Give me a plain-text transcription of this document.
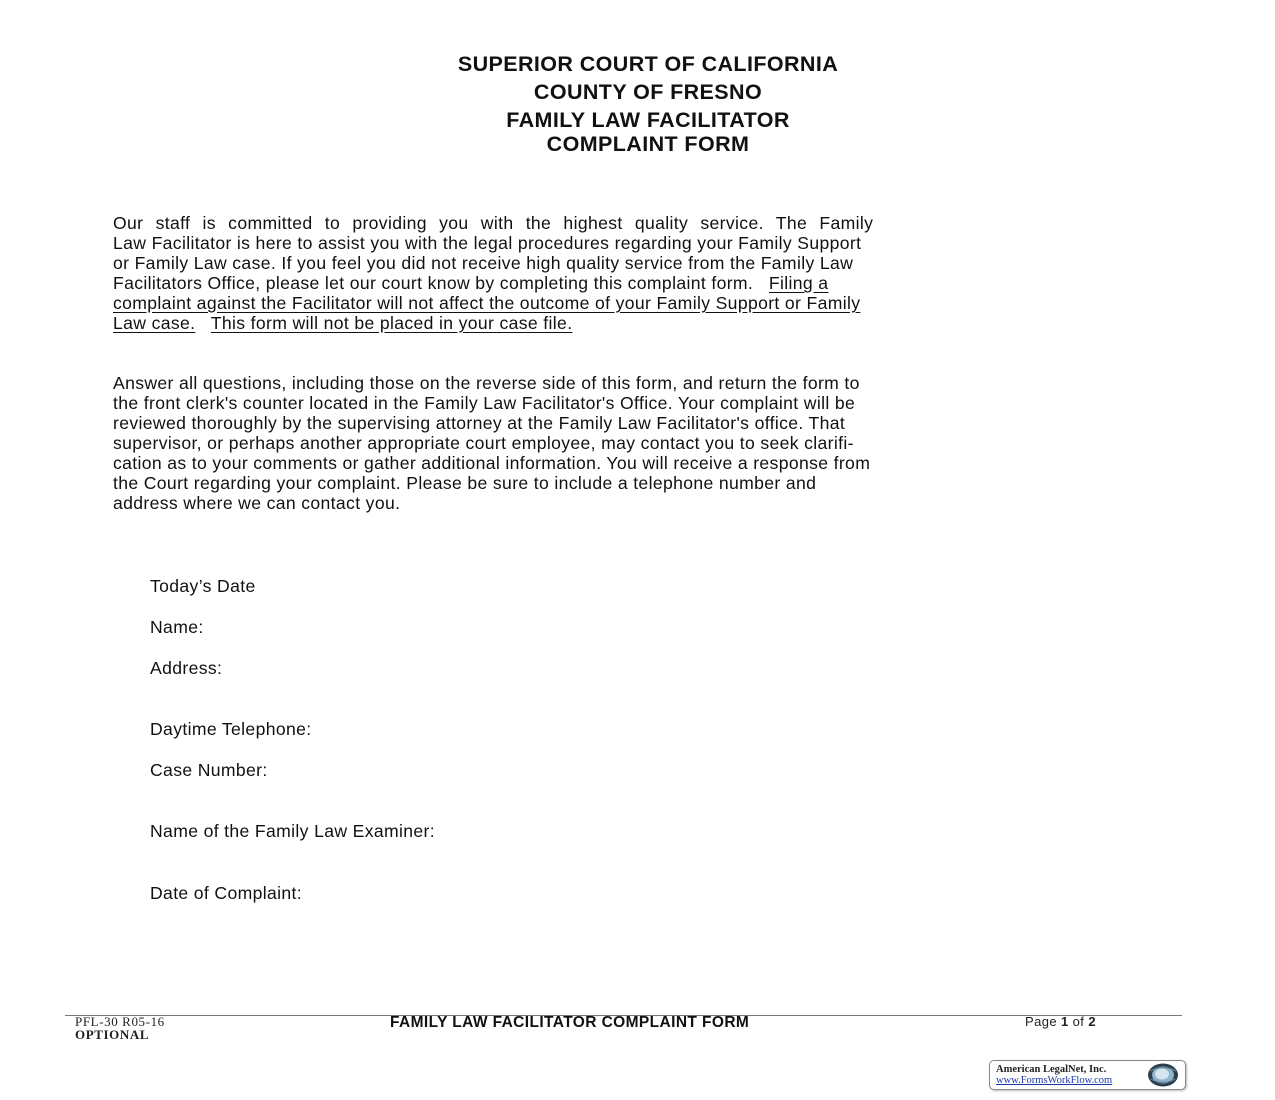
SUPERIOR COURT OF CALIFORNIA
COUNTY OF FRESNO
FAMILY LAW FACILITATOR
COMPLAINT FORM
Our staff is committed to providing you with the highest quality service. The Family
Law Facilitator is here to assist you with the legal procedures regarding your Family Support
or Family Law case. If you feel you did not receive high quality service from the Family Law
Facilitators Office, please let our court know by completing this complaint form. Filing a
complaint against the Facilitator will not affect the outcome of your Family Support or Family
Law case. This form will not be placed in your case file.
Answer all questions, including those on the reverse side of this form, and return the form to
the front clerk's counter located in the Family Law Facilitator's Office. Your complaint will be
reviewed thoroughly by the supervising attorney at the Family Law Facilitator's office. That
supervisor, or perhaps another appropriate court employee, may contact you to seek clarifi-
cation as to your comments or gather additional information. You will receive a response from
the Court regarding your complaint. Please be sure to include a telephone number and
address where we can contact you.
Today’s Date
Name:
Address:
Daytime Telephone:
Case Number:
Name of the Family Law Examiner:
Date of Complaint:
PFL-30 R05-16
OPTIONAL
FAMILY LAW FACILITATOR COMPLAINT FORM	Page 1 of 2
American LegalNet, Inc.
www.FormsWorkFlow.com
